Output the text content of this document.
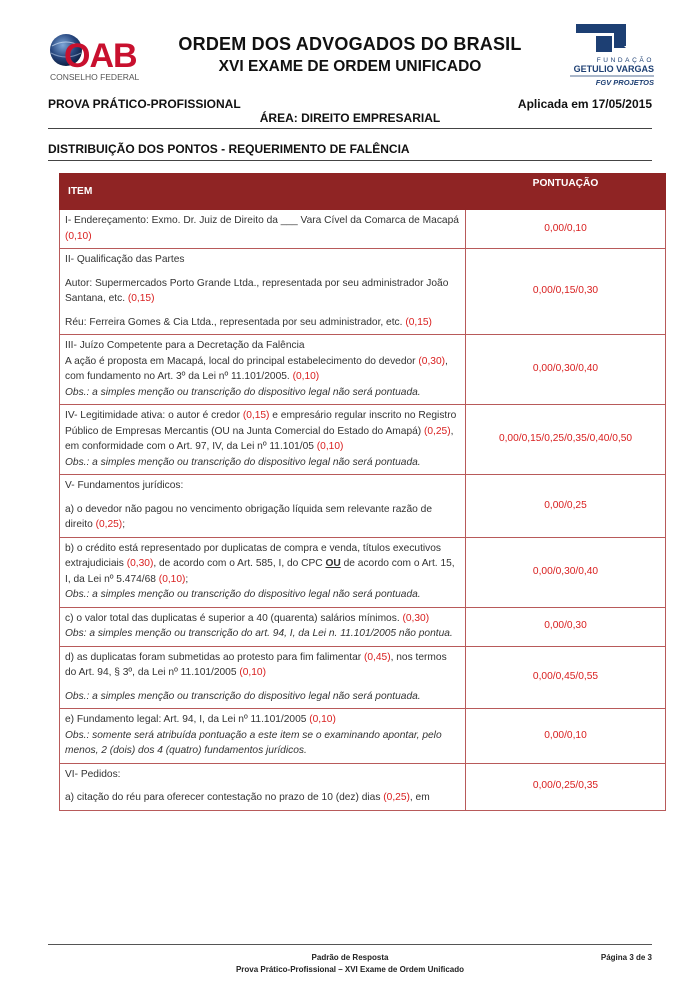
OAB
CONSELHO FEDERAL
ORDEM DOS ADVOGADOS DO BRASIL
XVI EXAME DE ORDEM UNIFICADO	FUNDAÇÃO
GETULIO VARGAS
FGV PROJETOS
PROVA PRÁTICO-PROFISSIONAL	Aplicada em 17/05/2015
ÁREA: DIREITO EMPRESARIAL
DISTRIBUIÇÃO DOS PONTOS - REQUERIMENTO DE FALÊNCIA
ITEM	PONTUAÇÃO

I- Endereçamento: Exmo. Dr. Juiz de Direito da ___ Vara Cível da Comarca de Macapá (0,10)	0,00/0,10

II- Qualificação das Partes
Autor: Supermercados Porto Grande Ltda., representada por seu administrador João Santana, etc. (0,15)
Réu: Ferreira Gomes & Cia Ltda., representada por seu administrador, etc. (0,15)	0,00/0,15/0,30

III- Juízo Competente para a Decretação da Falência
A ação é proposta em Macapá, local do principal estabelecimento do devedor (0,30), com fundamento no Art. 3º da Lei nº 11.101/2005. (0,10)
Obs.: a simples menção ou transcrição do dispositivo legal não será pontuada.	0,00/0,30/0,40

IV- Legitimidade ativa: o autor é credor (0,15) e empresário regular inscrito no Registro Público de Empresas Mercantis (OU na Junta Comercial do Estado do Amapá) (0,25), em conformidade com o Art. 97, IV, da Lei nº 11.101/05 (0,10)
Obs.: a simples menção ou transcrição do dispositivo legal não será pontuada.	0,00/0,15/0,25/0,35/0,40/0,50

V- Fundamentos jurídicos:
a) o devedor não pagou no vencimento obrigação líquida sem relevante razão de direito (0,25);	0,00/0,25

b) o crédito está representado por duplicatas de compra e venda, títulos executivos extrajudiciais (0,30), de acordo com o Art. 585, I, do CPC OU de acordo com o Art. 15, I, da Lei nº 5.474/68 (0,10);
Obs.: a simples menção ou transcrição do dispositivo legal não será pontuada.	0,00/0,30/0,40

c) o valor total das duplicatas é superior a 40 (quarenta) salários mínimos. (0,30)
Obs: a simples menção ou transcrição do art. 94, I, da Lei n. 11.101/2005 não pontua.	0,00/0,30

d) as duplicatas foram submetidas ao protesto para fim falimentar (0,45), nos termos do Art. 94, § 3º, da Lei nº 11.101/2005 (0,10)
Obs.: a simples menção ou transcrição do dispositivo legal não será pontuada.	0,00/0,45/0,55

e) Fundamento legal: Art. 94, I, da Lei nº 11.101/2005 (0,10)
Obs.: somente será atribuída pontuação a este item se o examinando apontar, pelo menos, 2 (dois) dos 4 (quatro) fundamentos jurídicos.	0,00/0,10

VI- Pedidos:
a) citação do réu para oferecer contestação no prazo de 10 (dez) dias (0,25), em	0,00/0,25/0,35
Padrão de Resposta
Prova Prático-Profissional – XVI Exame de Ordem Unificado
Página 3 de 3
